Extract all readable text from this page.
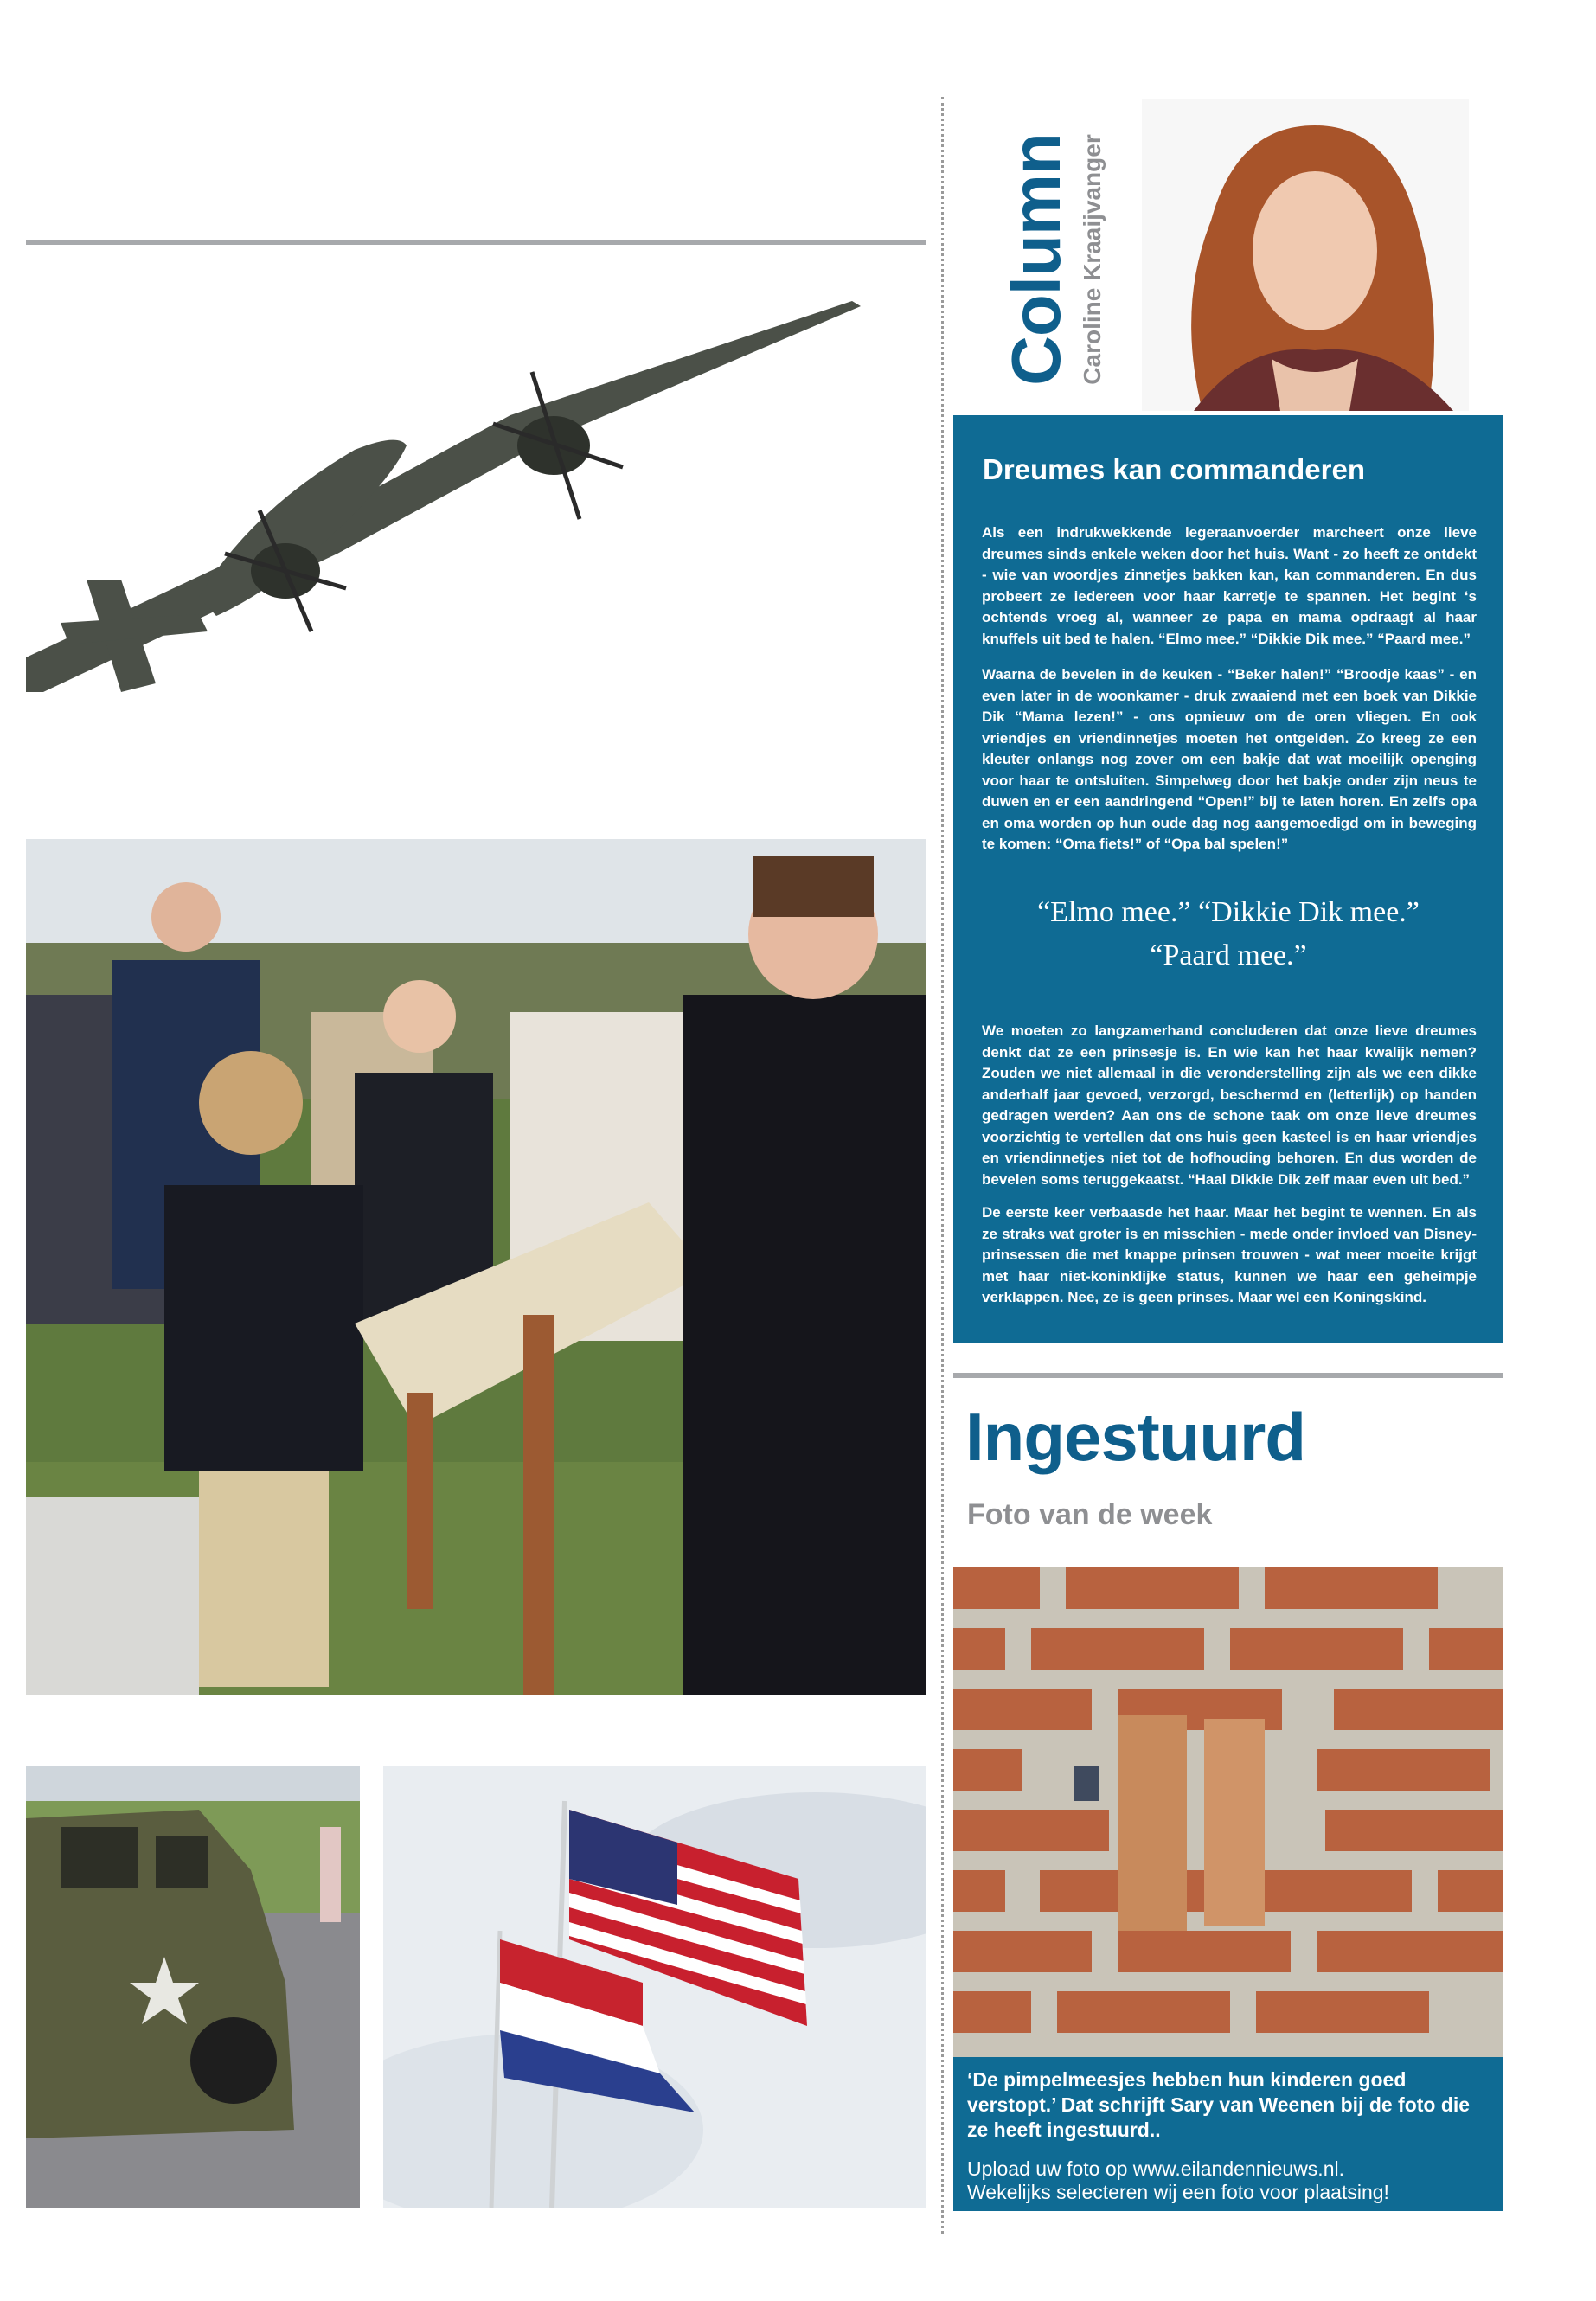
Column Caroline Kraaijvanger
Dreumes kan commanderen
Als een indrukwekkende legeraanvoerder marcheert onze lieve dreumes sinds enkele weken door het huis. Want - zo heeft ze ontdekt - wie van woordjes zinnetjes bakken kan, kan commanderen. En dus probeert ze iedereen voor haar karretje te spannen. Het begint ‘s ochtends vroeg al, wanneer ze papa en mama opdraagt al haar knuffels uit bed te halen. “Elmo mee.” “Dikkie Dik mee.” “Paard mee.”
Waarna de bevelen in de keuken - “Beker halen!” “Broodje kaas” - en even later in de woonkamer - druk zwaaiend met een boek van Dikkie Dik “Mama lezen!” - ons opnieuw om de oren vliegen. En ook vriendjes en vriendinnetjes moeten het ontgelden. Zo kreeg ze een kleuter onlangs nog zover om een bakje dat wat moeilijk openging voor haar te ontsluiten. Simpelweg door het bakje onder zijn neus te duwen en er een aandringend “Open!” bij te laten horen. En zelfs opa en oma worden op hun oude dag nog aangemoedigd om in beweging te komen: “Oma fiets!” of “Opa bal spelen!”
“Elmo mee.” “Dikkie Dik mee.”
“Paard mee.”
We moeten zo langzamerhand concluderen dat onze lieve dreumes denkt dat ze een prinsesje is. En wie kan het haar kwalijk nemen? Zouden we niet allemaal in die veronderstelling zijn als we een dikke anderhalf jaar gevoed, verzorgd, beschermd en (letterlijk) op handen gedragen werden? Aan ons de schone taak om onze lieve dreumes voorzichtig te vertellen dat ons huis geen kasteel is en haar vriendjes en vriendinnetjes niet tot de hofhouding behoren. En dus worden de bevelen soms teruggekaatst. “Haal Dikkie Dik zelf maar even uit bed.”
De eerste keer verbaasde het haar. Maar het begint te wennen. En als ze straks wat groter is en misschien - mede onder invloed van Disney-prinsessen die met knappe prinsen trouwen - wat meer moeite krijgt met haar niet-koninklijke status, kunnen we haar een geheimpje verklappen. Nee, ze is geen prinses. Maar wel een Koningskind.
Ingestuurd
Foto van de week
‘De pimpelmeesjes hebben hun kinderen goed verstopt.’ Dat schrijft Sary van Weenen bij de foto die ze heeft ingestuurd..
Upload uw foto op www.eilandennieuws.nl.
Wekelijks selecteren wij een foto voor plaatsing!
